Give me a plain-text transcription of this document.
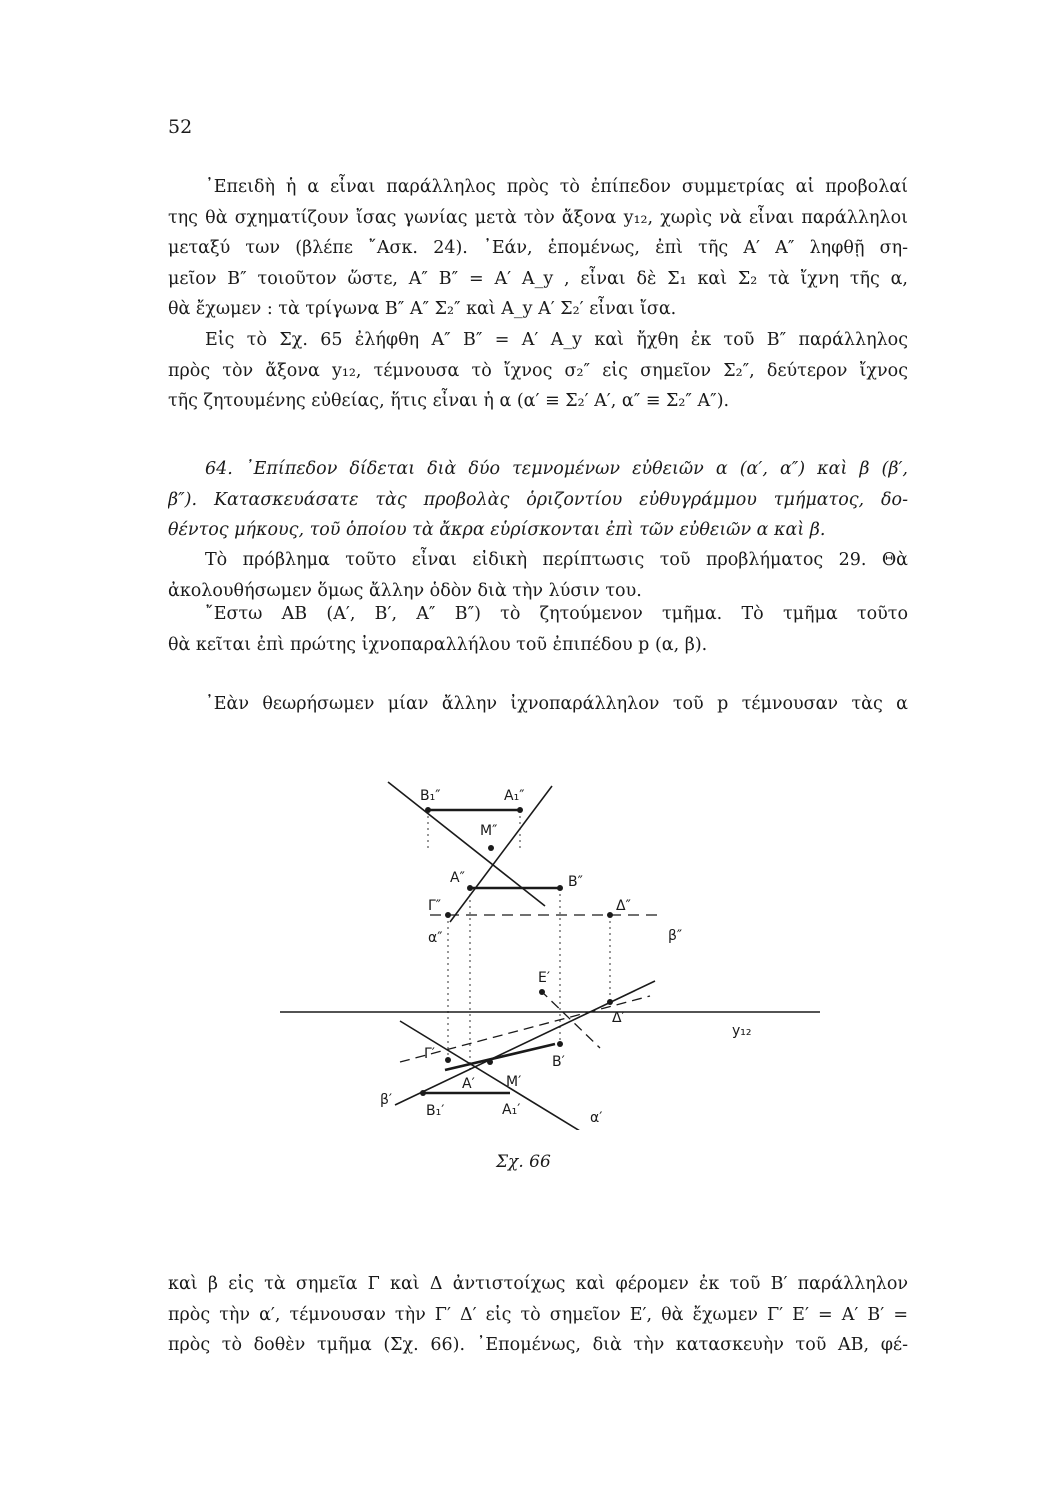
52
᾿Επειδὴ ἡ α εἶναι παράλληλος πρὸς τὸ ἐπίπεδον συμμετρίας αἱ προβολαί
της θὰ σχηματίζουν ἴσας γωνίας μετὰ τὸν ἄξονα y₁₂, χωρὶς νὰ εἶναι παράλληλοι
μεταξύ των (βλέπε ῎Ασκ. 24). ᾿Εάν, ἑπομένως, ἐπὶ τῆς Α′ Α″ ληφθῇ ση-
μεῖον Β″ τοιοῦτον ὥστε, Α″ Β″ = Α′ Α_y , εἶναι δὲ Σ₁ καὶ Σ₂ τὰ ἴχνη τῆς α,
θὰ ἔχωμεν : τὰ τρίγωνα Β″ Α″ Σ₂″ καὶ Α_y Α′ Σ₂′ εἶναι ἴσα.
Εἰς τὸ Σχ. 65 ἐλήφθη Α″ Β″ = Α′ Α_y καὶ ἤχθη ἐκ τοῦ Β″ παράλληλος
πρὸς τὸν ἄξονα y₁₂, τέμνουσα τὸ ἴχνος σ₂″ εἰς σημεῖον Σ₂″, δεύτερον ἴχνος
τῆς ζητουμένης εὐθείας, ἥτις εἶναι ἡ α (α′ ≡ Σ₂′ Α′, α″ ≡ Σ₂″ Α″).
64. ᾿Επίπεδον δίδεται διὰ δύο τεμνομένων εὐθειῶν α (α′, α″) καὶ β (β′,
β″). Κατασκευάσατε τὰς προβολὰς ὁριζοντίου εὐθυγράμμου τμήματος, δο-
θέντος μήκους, τοῦ ὁποίου τὰ ἄκρα εὑρίσκονται ἐπὶ τῶν εὐθειῶν α καὶ β.
Τὸ πρόβλημα τοῦτο εἶναι εἰδικὴ περίπτωσις τοῦ προβλήματος 29. Θὰ
ἀκολουθήσωμεν ὅμως ἄλλην ὁδὸν διὰ τὴν λύσιν του.
῎Εστω ΑΒ (Α′, Β′, Α″ Β″) τὸ ζητούμενον τμῆμα. Τὸ τμῆμα τοῦτο
θὰ κεῖται ἐπὶ πρώτης ἰχνοπαραλλήλου τοῦ ἐπιπέδου p (α, β).
᾿Εὰν θεωρήσωμεν μίαν ἄλλην ἰχνοπαράλληλον τοῦ p τέμνουσαν τὰς α
Β₁″	Α₁″
Μ″
Α″	Β″
Γ″	Δ″
α″	β″
y₁₂
Ε′
Δ′
Γ′	Β′
Α′ Μ′
Α₁′
β′
Β₁′	α′
Σχ. 66
καὶ β εἰς τὰ σημεῖα Γ καὶ Δ ἀντιστοίχως καὶ φέρομεν ἐκ τοῦ Β′ παράλληλον
πρὸς τὴν α′, τέμνουσαν τὴν Γ′ Δ′ εἰς τὸ σημεῖον Ε′, θὰ ἔχωμεν Γ′ Ε′ = Α′ Β′ =
πρὸς τὸ δοθὲν τμῆμα (Σχ. 66). ᾿Επομένως, διὰ τὴν κατασκευὴν τοῦ ΑΒ, φέ-
